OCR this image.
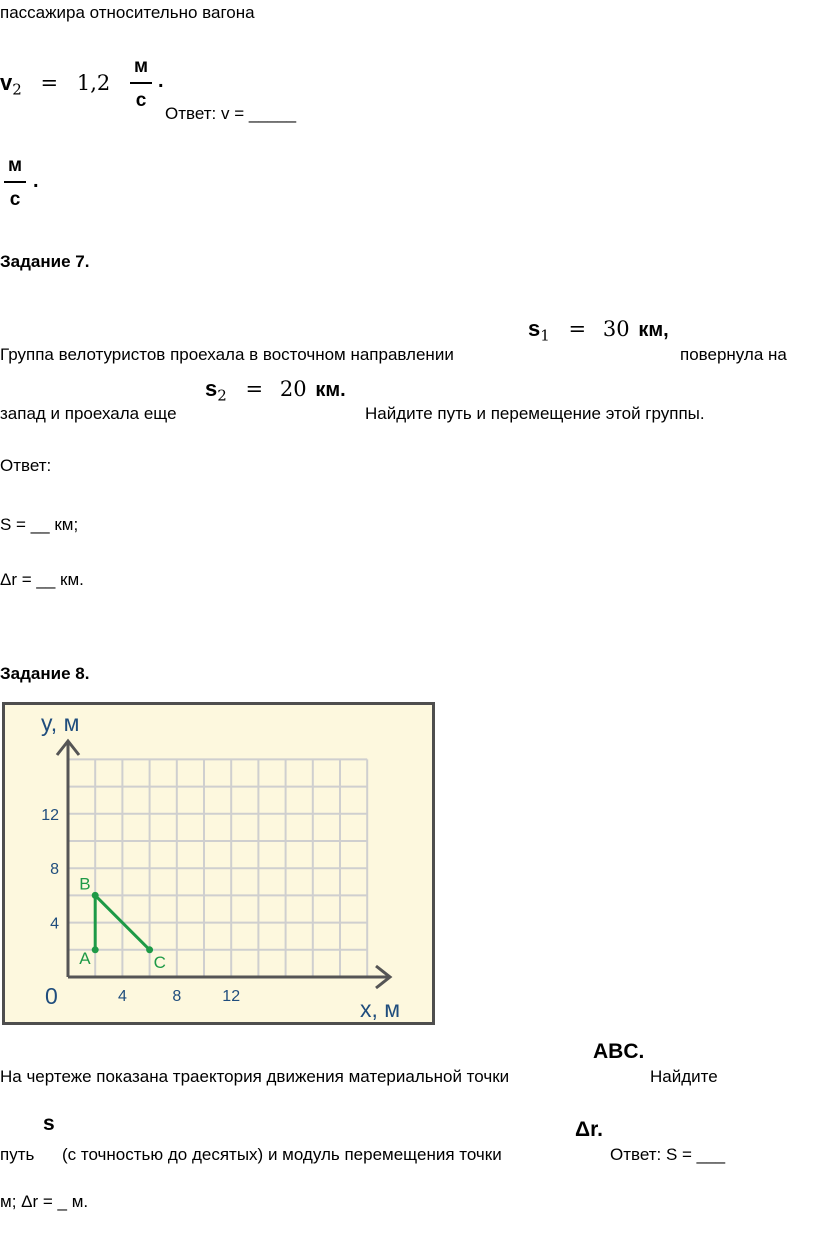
пассажира относительно вагона
$v_2 = 1,2$
м
с
.
Ответ: v = _____
м
с
.
Задание 7.
Группа велотуристов проехала в восточном направлении
$s_1 = 30$ км,
повернула на
запад и проехала еще
$s_2 = 20$ км.
Найдите путь и перемещение этой группы.
Ответ:
S = __ км;
Δr = __ км.
Задание 8.
y, м
x, м
0	4	8	12
4
8
12
A
B
C
На чертеже показана траектория движения материальной точки
ABC.
Найдите
путь
s
(с точностью до десятых) и модуль перемещения точки
Δr.
Ответ: S = ___
м; Δr = _ м.
